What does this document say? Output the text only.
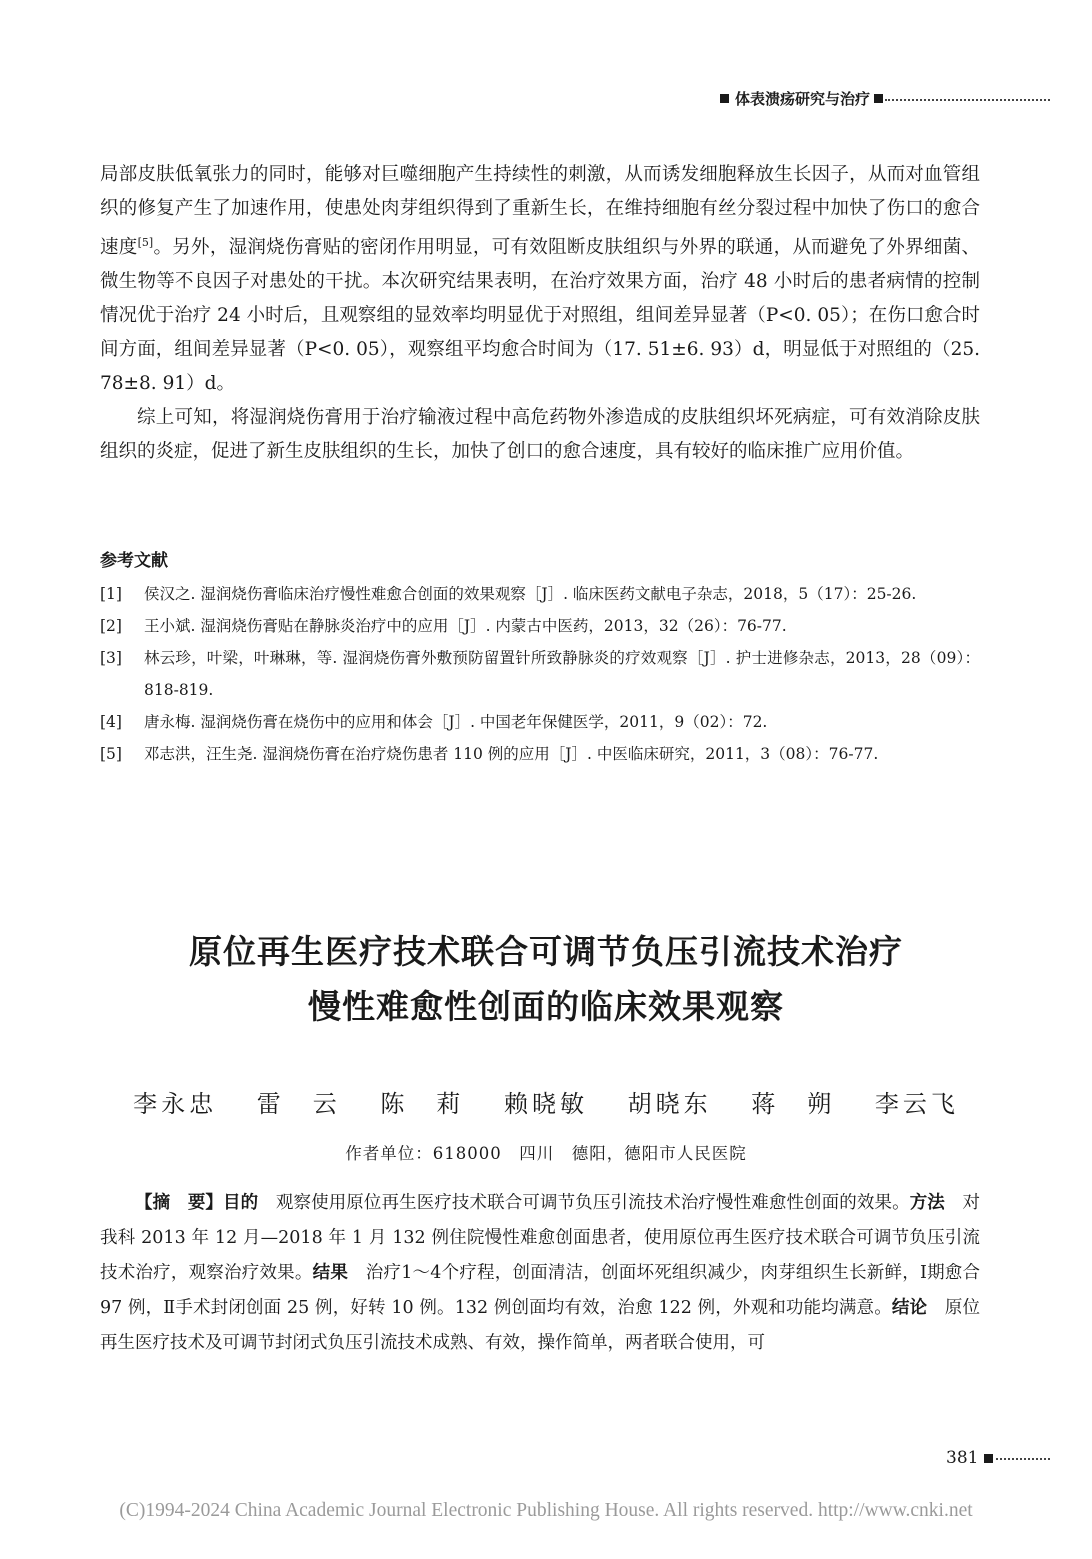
体表溃疡研究与治疗

局部皮肤低氧张力的同时，能够对巨噬细胞产生持续性的刺激，从而诱发细胞释放生长因子，从而对血管组织的修复产生了加速作用，使患处肉芽组织得到了重新生长，在维持细胞有丝分裂过程中加快了伤口的愈合速度[5]。另外，湿润烧伤膏贴的密闭作用明显，可有效阻断皮肤组织与外界的联通，从而避免了外界细菌、微生物等不良因子对患处的干扰。本次研究结果表明，在治疗效果方面，治疗 48 小时后的患者病情的控制情况优于治疗 24 小时后，且观察组的显效率均明显优于对照组，组间差异显著（P<0. 05）；在伤口愈合时间方面，组间差异显著（P<0. 05），观察组平均愈合时间为（17. 51±6. 93）d，明显低于对照组的（25. 78±8. 91）d。

综上可知，将湿润烧伤膏用于治疗输液过程中高危药物外渗造成的皮肤组织坏死病症，可有效消除皮肤组织的炎症，促进了新生皮肤组织的生长，加快了创口的愈合速度，具有较好的临床推广应用价值。

参考文献
[1]	侯汉之. 湿润烧伤膏临床治疗慢性难愈合创面的效果观察［J］. 临床医药文献电子杂志，2018，5（17）：25-26.
[2]	王小斌. 湿润烧伤膏贴在静脉炎治疗中的应用［J］. 内蒙古中医药，2013，32（26）：76-77.
[3]	林云珍，叶梁，叶琳琳，等. 湿润烧伤膏外敷预防留置针所致静脉炎的疗效观察［J］. 护士进修杂志，2013，28（09）：818-819.
[4]	唐永梅. 湿润烧伤膏在烧伤中的应用和体会［J］. 中国老年保健医学，2011，9（02）：72.
[5]	邓志洪，汪生尧. 湿润烧伤膏在治疗烧伤患者 110 例的应用［J］. 中医临床研究，2011，3（08）：76-77.
原位再生医疗技术联合可调节负压引流技术治疗
慢性难愈性创面的临床效果观察
李永忠 雷　云 陈　莉 赖晓敏 胡晓东 蒋　朔 李云飞
作者单位：618000　四川　德阳，德阳市人民医院
【摘　要】目的　观察使用原位再生医疗技术联合可调节负压引流技术治疗慢性难愈性创面的效果。方法　对我科 2013 年 12 月—2018 年 1 月 132 例住院慢性难愈创面患者，使用原位再生医疗技术联合可调节负压引流技术治疗，观察治疗效果。结果　治疗1～4个疗程，创面清洁，创面坏死组织减少，肉芽组织生长新鲜，Ⅰ期愈合 97 例，Ⅱ手术封闭创面 25 例，好转 10 例。132 例创面均有效，治愈 122 例，外观和功能均满意。结论　原位再生医疗技术及可调节封闭式负压引流技术成熟、有效，操作简单，两者联合使用，可
381
(C)1994-2024 China Academic Journal Electronic Publishing House. All rights reserved. http://www.cnki.net
